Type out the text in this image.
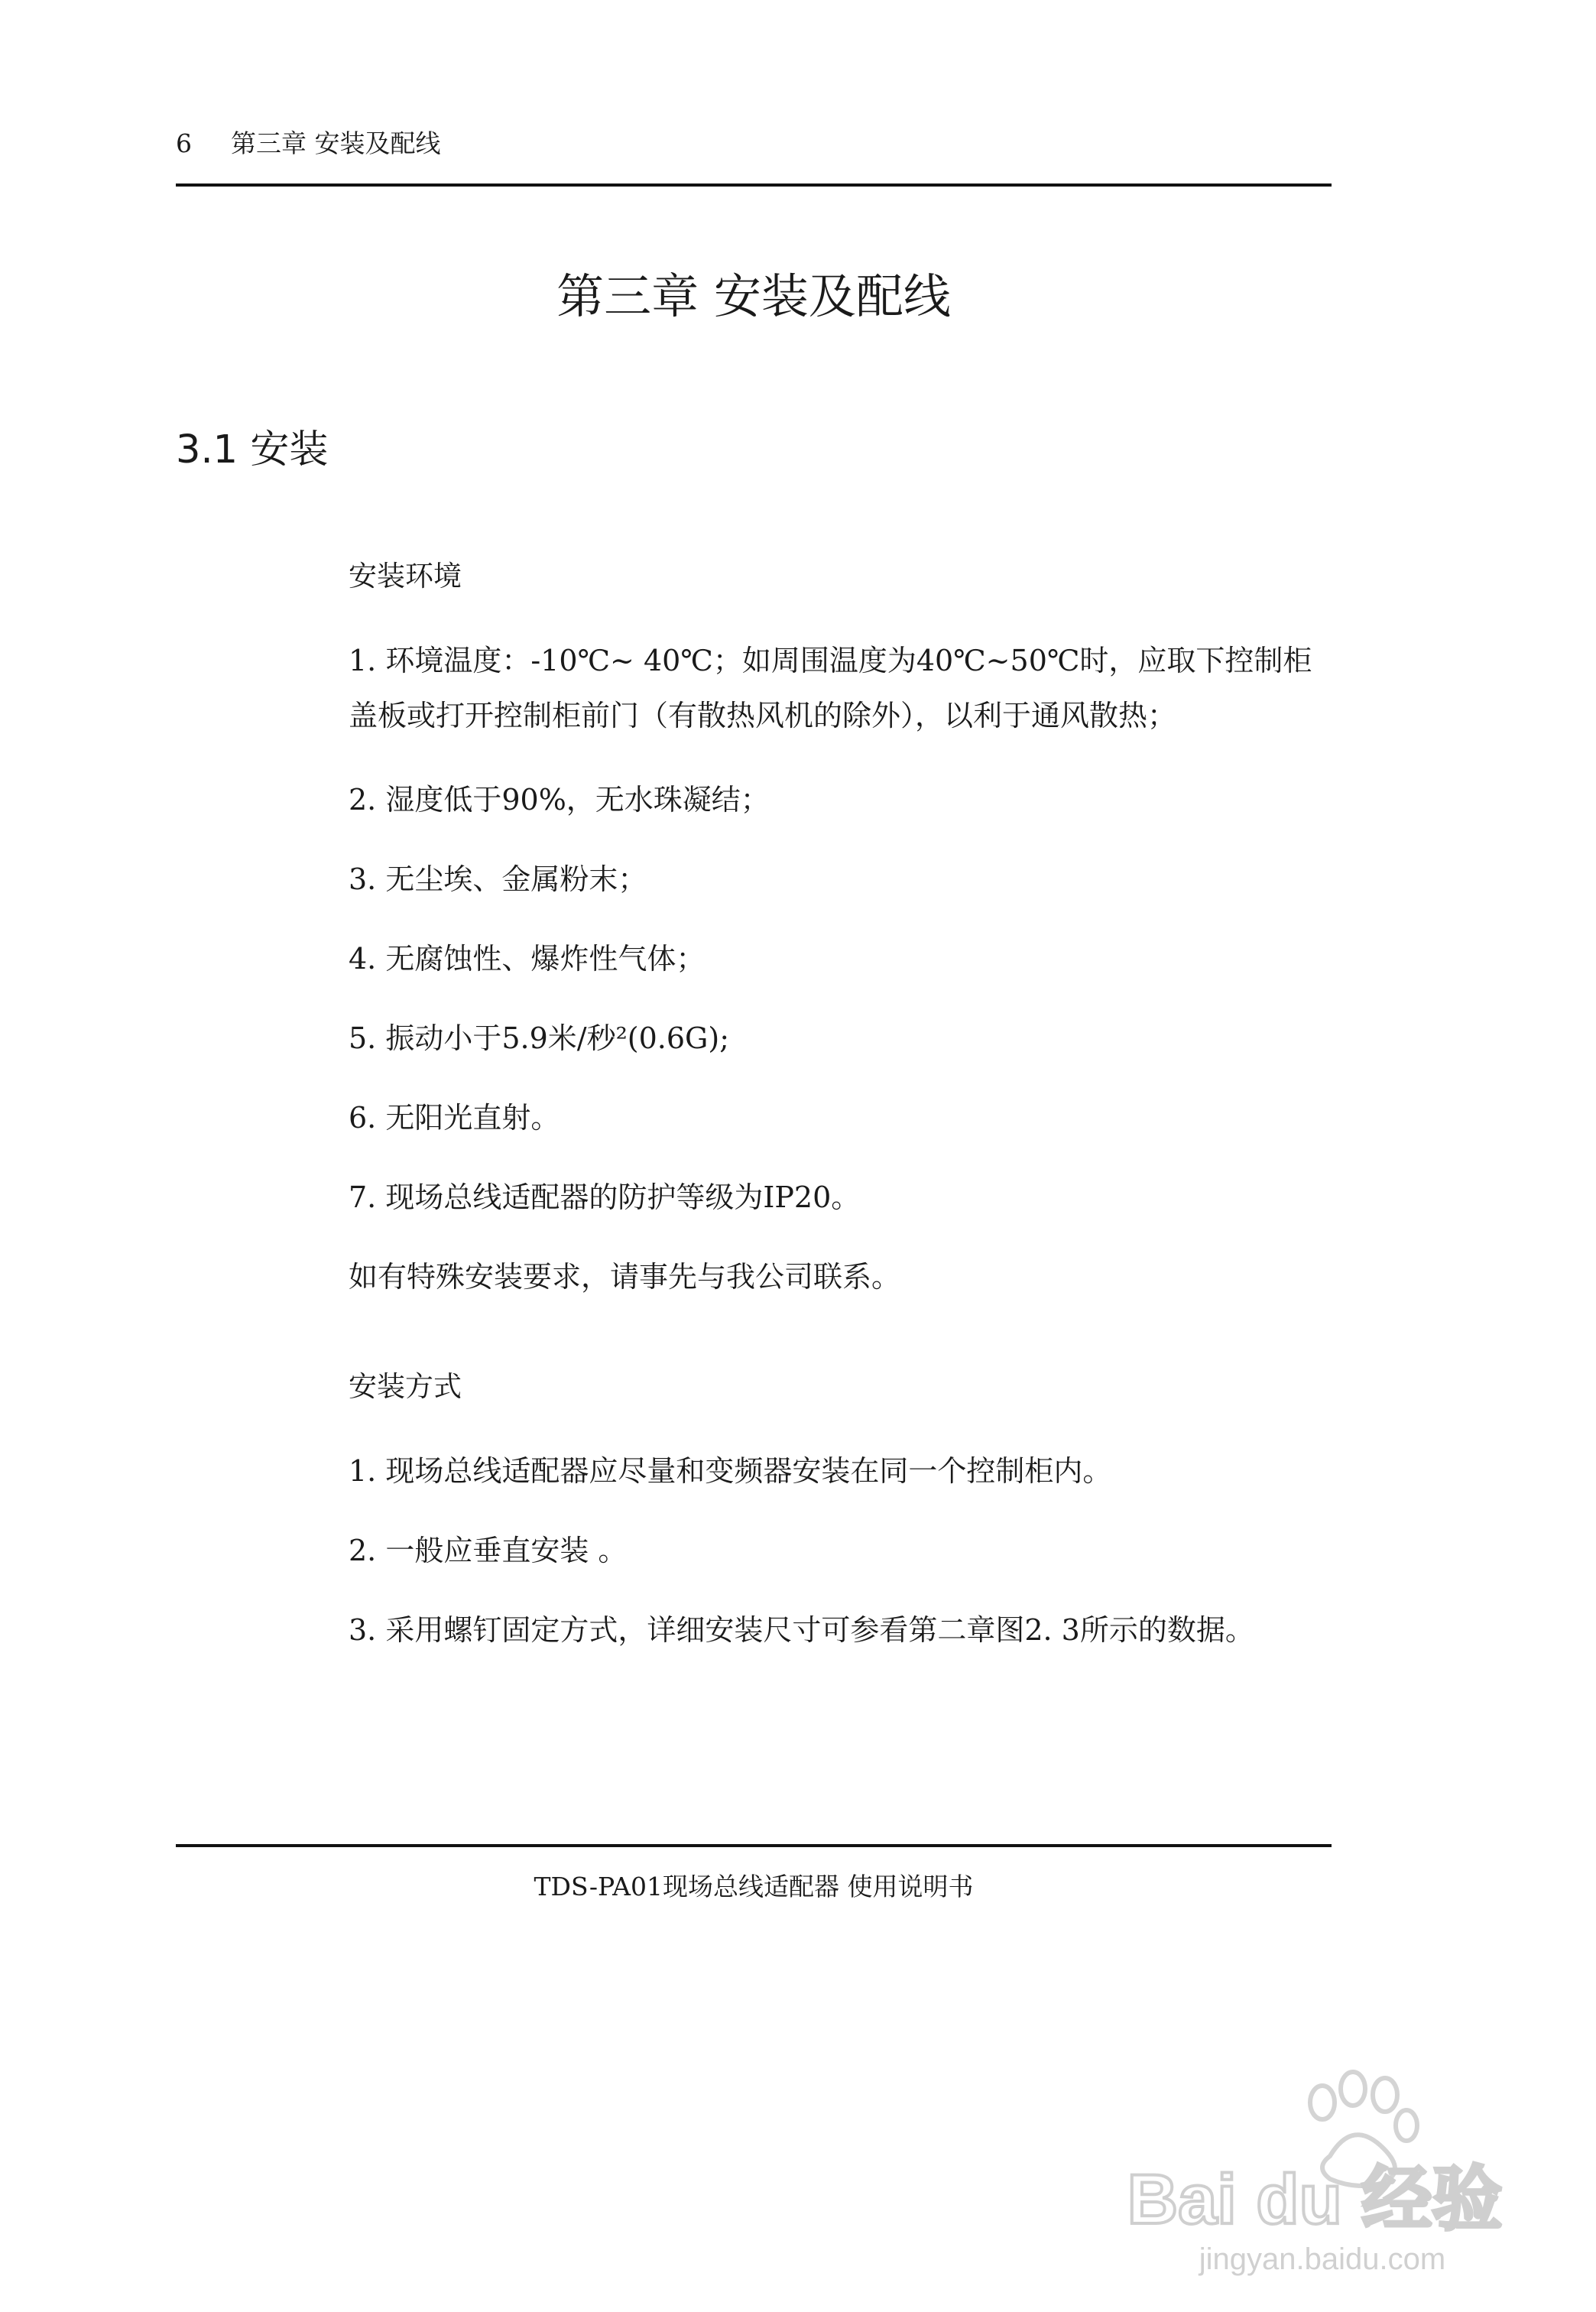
6 第三章 安装及配线
第三章 安装及配线
3.1 安装
安装环境

1. 环境温度：-10℃~ 40℃；如周围温度为40℃~50℃时，应取下控制柜盖板或打开控制柜前门（有散热风机的除外），以利于通风散热；

2. 湿度低于90%，无水珠凝结；

3. 无尘埃、金属粉末；

4. 无腐蚀性、爆炸性气体；

5. 振动小于5.9米/秒²(0.6G);

6. 无阳光直射。

7. 现场总线适配器的防护等级为IP20。

如有特殊安装要求，请事先与我公司联系。

安装方式

1. 现场总线适配器应尽量和变频器安装在同一个控制柜内。

2. 一般应垂直安装 。

3. 采用螺钉固定方式，详细安装尺寸可参看第二章图2. 3所示的数据。

TDS-PA01现场总线适配器 使用说明书
Bai du 经验
jingyan.baidu.com
